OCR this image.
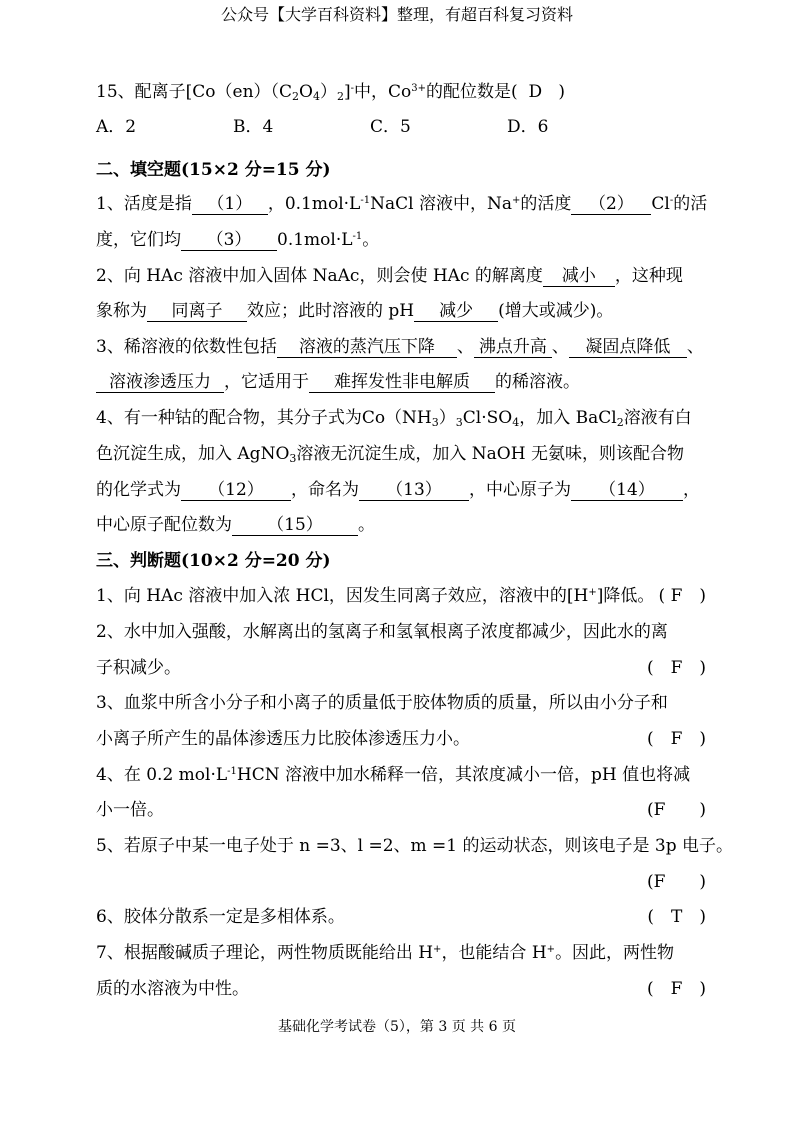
公众号【大学百科资料】整理，有超百科复习资料
15、配离子$[Co(en)(C_2O_4)_2]^-$中，$Co^{3+}$的配位数是( D )
A．2	B．4	C．5	D．6
二、填空题(15×2 分=15 分)
1、活度是指 （1） ，$0.1mol\cdot L^{-1}NaCl$ 溶液中，Na+的活度 （2） Cl-的活
度，它们均 （3） $0.1mol\cdot L^{-1}$。
2、向 HAc 溶液中加入固体 NaAc，则会使 HAc 的解离度 减小 ，这种现
象称为 同离子 效应；此时溶液的 pH 减少 (增大或减少)。
3、稀溶液的依数性包括 溶液的蒸汽压下降 、 沸点升高 、 凝固点降低 、
溶液渗透压力 ，它适用于 难挥发性非电解质 的稀溶液。
4、有一种钴的配合物，其分子式为$Co(NH_3)_3Cl\cdot SO_4$，加入 BaCl$_2$溶液有白
色沉淀生成，加入 AgNO$_3$溶液无沉淀生成，加入 NaOH 无氨味，则该配合物
的化学式为 （12） ，命名为 （13） ，中心原子为 （14） ，
中心原子配位数为 （15） 。
三、判断题(10×2 分=20 分)
1、向 HAc 溶液中加入浓 HCl，因发生同离子效应，溶液中的[H+]降低。 ( F　)
2、水中加入强酸，水解离出的氢离子和氢氧根离子浓度都减少，因此水的离
子积减少。	(　F　)
3、血浆中所含小分子和小离子的质量低于胶体物质的质量，所以由小分子和
小离子所产生的晶体渗透压力比胶体渗透压力小。	(　F　)
4、在 0.2 $mol\cdot L^{-1}HCN$ 溶液中加水稀释一倍，其浓度减小一倍，pH 值也将减
小一倍。	(F　　)
5、若原子中某一电子处于 n =3、l =2、m =1 的运动状态，则该电子是 3p 电子。
(F　　)
6、胶体分散系一定是多相体系。	(　T　)
7、根据酸碱质子理论，两性物质既能给出 H+，也能结合 H+。因此，两性物
质的水溶液为中性。	(　F　)
基础化学考试卷（5），第 3 页 共 6 页
